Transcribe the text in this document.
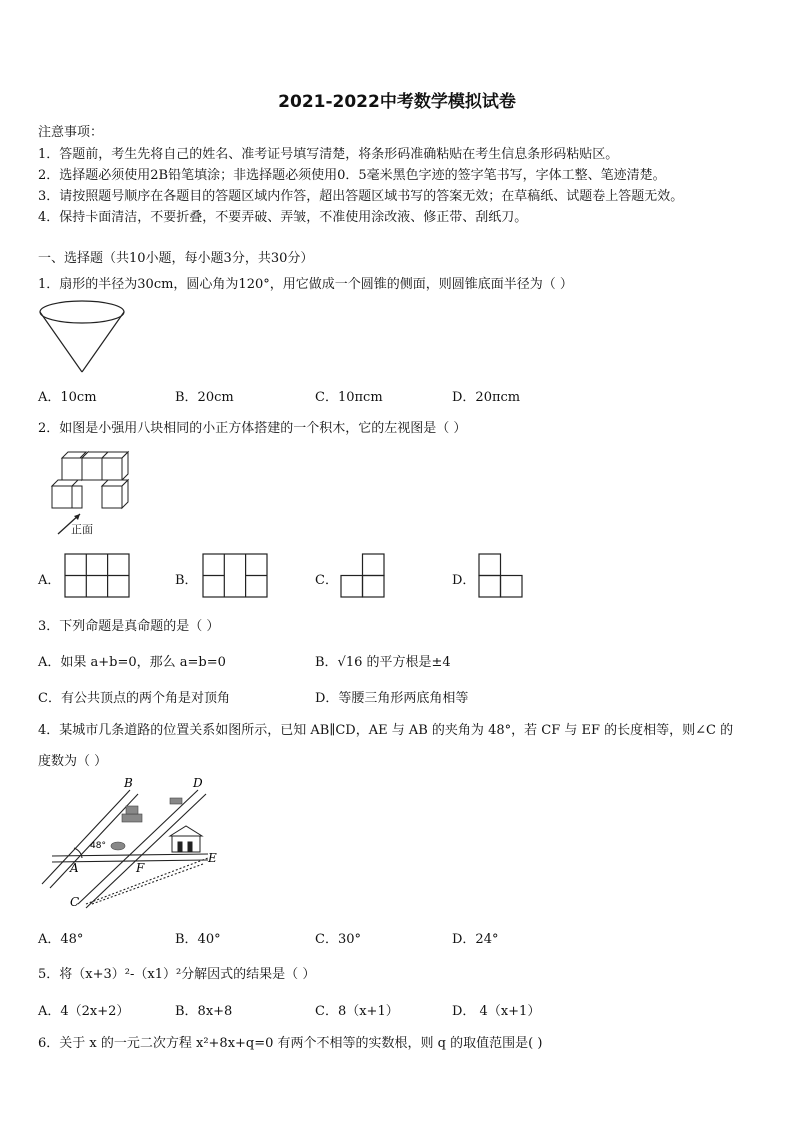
2021-2022中考数学模拟试卷
注意事项：
1．答题前，考生先将自己的姓名、准考证号填写清楚，将条形码准确粘贴在考生信息条形码粘贴区。
2．选择题必须使用2B铅笔填涂；非选择题必须使用0．5毫米黑色字迹的签字笔书写，字体工整、笔迹清楚。
3．请按照题号顺序在各题目的答题区域内作答，超出答题区域书写的答案无效；在草稿纸、试题卷上答题无效。
4．保持卡面清洁，不要折叠，不要弄破、弄皱，不准使用涂改液、修正带、刮纸刀。
一、选择题（共10小题，每小题3分，共30分）
1．扇形的半径为30cm，圆心角为120°，用它做成一个圆锥的侧面，则圆锥底面半径为（ ）
A．10cm	B．20cm	C．10πcm	D．20πcm
2．如图是小强用八块相同的小正方体搭建的一个积木，它的左视图是（ ）
正面
A．	B．	C．	D．
3．下列命题是真命题的是（ ）
A．如果 a+b=0，那么 a=b=0	B．√16 的平方根是±4
C．有公共顶点的两个角是对顶角	D．等腰三角形两底角相等
4．某城市几条道路的位置关系如图所示，已知 AB∥CD，AE 与 AB 的夹角为 48°，若 CF 与 EF 的长度相等，则∠C 的
度数为（ ）
B	D
A	F
E
C
48°
A．48°	B．40°	C．30°	D．24°
5．将（x+3）²-（x1）²分解因式的结果是（ ）
A．4（2x+2）	B．8x+8	C．8（x+1）	D． 4（x+1）
6．关于 x 的一元二次方程 x²+8x+q=0 有两个不相等的实数根，则 q 的取值范围是( )
